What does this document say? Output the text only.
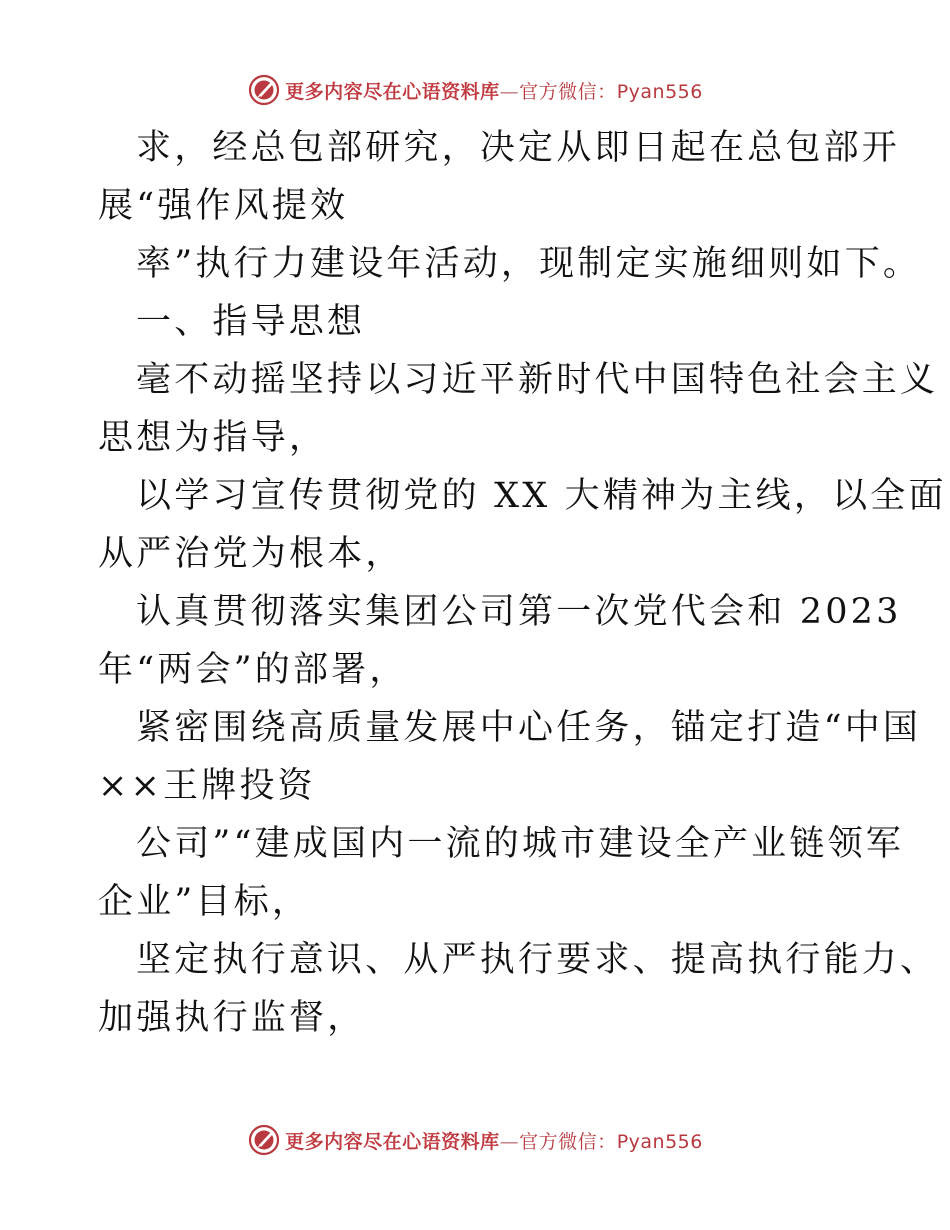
更多内容尽在心语资料库—官方微信：Pyan556
求，经总包部研究，决定从即日起在总包部开
展“强作风提效
率”执行力建设年活动，现制定实施细则如下。
一、指导思想
毫不动摇坚持以习近平新时代中国特色社会主义
思想为指导，
以学习宣传贯彻党的 XX 大精神为主线，以全面
从严治党为根本，
认真贯彻落实集团公司第一次党代会和 2023
年“两会”的部署，
紧密围绕高质量发展中心任务，锚定打造“中国
××王牌投资
公司”“建成国内一流的城市建设全产业链领军
企业”目标，
坚定执行意识、从严执行要求、提高执行能力、
加强执行监督，
更多内容尽在心语资料库—官方微信：Pyan556
